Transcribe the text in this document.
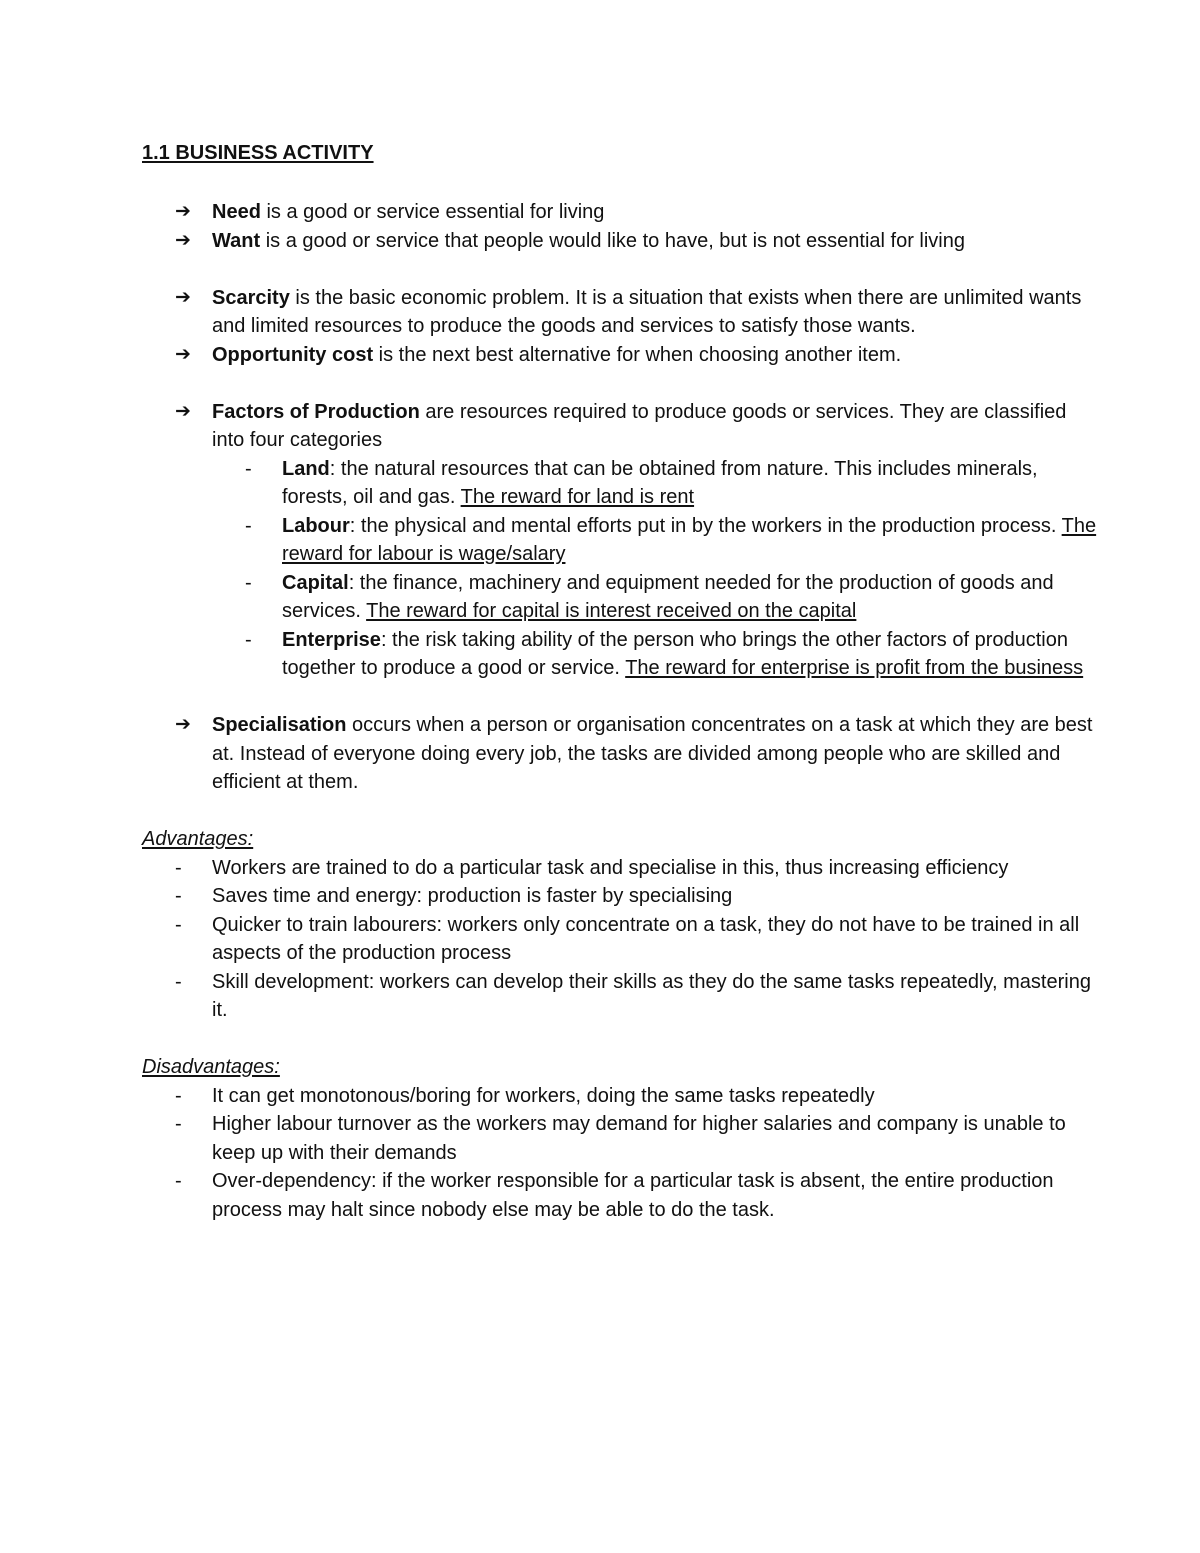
1.1 BUSINESS ACTIVITY
➔ Need is a good or service essential for living
➔ Want is a good or service that people would like to have, but is not essential for living
➔ Scarcity is the basic economic problem. It is a situation that exists when there are unlimited wants and limited resources to produce the goods and services to satisfy those wants.
➔ Opportunity cost is the next best alternative for when choosing another item.
➔ Factors of Production are resources required to produce goods or services. They are classified into four categories
- Land: the natural resources that can be obtained from nature. This includes minerals, forests, oil and gas. The reward for land is rent
- Labour: the physical and mental efforts put in by the workers in the production process. The reward for labour is wage/salary
- Capital: the finance, machinery and equipment needed for the production of goods and services. The reward for capital is interest received on the capital
- Enterprise: the risk taking ability of the person who brings the other factors of production together to produce a good or service. The reward for enterprise is profit from the business
➔ Specialisation occurs when a person or organisation concentrates on a task at which they are best at. Instead of everyone doing every job, the tasks are divided among people who are skilled and efficient at them.
Advantages:
- Workers are trained to do a particular task and specialise in this, thus increasing efficiency
- Saves time and energy: production is faster by specialising
- Quicker to train labourers: workers only concentrate on a task, they do not have to be trained in all aspects of the production process
- Skill development: workers can develop their skills as they do the same tasks repeatedly, mastering it.
Disadvantages:
- It can get monotonous/boring for workers, doing the same tasks repeatedly
- Higher labour turnover as the workers may demand for higher salaries and company is unable to keep up with their demands
- Over-dependency: if the worker responsible for a particular task is absent, the entire production process may halt since nobody else may be able to do the task.
